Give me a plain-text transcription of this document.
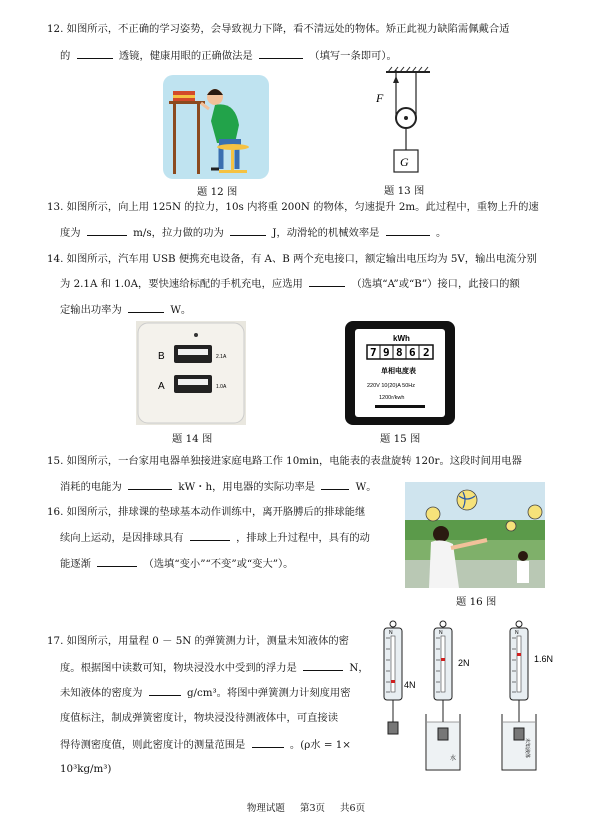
12. 如图所示，不正确的学习姿势，会导致视力下降，看不清远处的物体。矫正此视力缺陷需佩戴合适
的	透镜，健康用眼的正确做法是	（填写一条即可）。
题 12 图
G
F
题 13 图
13. 如图所示，向上用 125N 的拉力，10s 内将重 200N 的物体，匀速提升 2m。此过程中，重物上升的速
度为	m/s，拉力做的功为	J，动滑轮的机械效率是	。
14. 如图所示，汽车用 USB 便携充电设备，有 A、B 两个充电接口，额定输出电压均为 5V，输出电流分别
为 2.1A 和 1.0A，要快速给标配的手机充电，应选用	（选填“A”或“B”）接口，此接口的额
定输出功率为	W。
B
A
2.1A
1.0A
题 14 图
kWh
7 9 8 6 2
单相电度表
220V 10(20)A 50Hz
1200r/kwh
题 15 图
15. 如图所示，一台家用电器单独接进家庭电路工作 10min，电能表的表盘旋转 120r。这段时间用电器
消耗的电能为	kW・h，用电器的实际功率是	W。
16. 如图所示，排球课的垫球基本动作训练中，离开胳膊后的排球能继
续向上运动，是因排球具有	，排球上升过程中，具有的动
能逐渐	（选填“变小”“不变”或“变大”）。
题 16 图
17. 如图所示，用量程 0 － 5N 的弹簧测力计，测量未知液体的密
度。根据图中读数可知，物块浸没水中受到的浮力是	N，
未知液体的密度为	g/cm³。将图中弹簧测力计刻度用密
度值标注，制成弹簧密度计，物块浸没待测液体中，可直接读
得待测密度值，则此密度计的测量范围是	。(ρ水 = 1×
10³kg/m³)
N
4N
N
水
2N
N
未知液体
1.6N
物理试题 第3页 共6页
